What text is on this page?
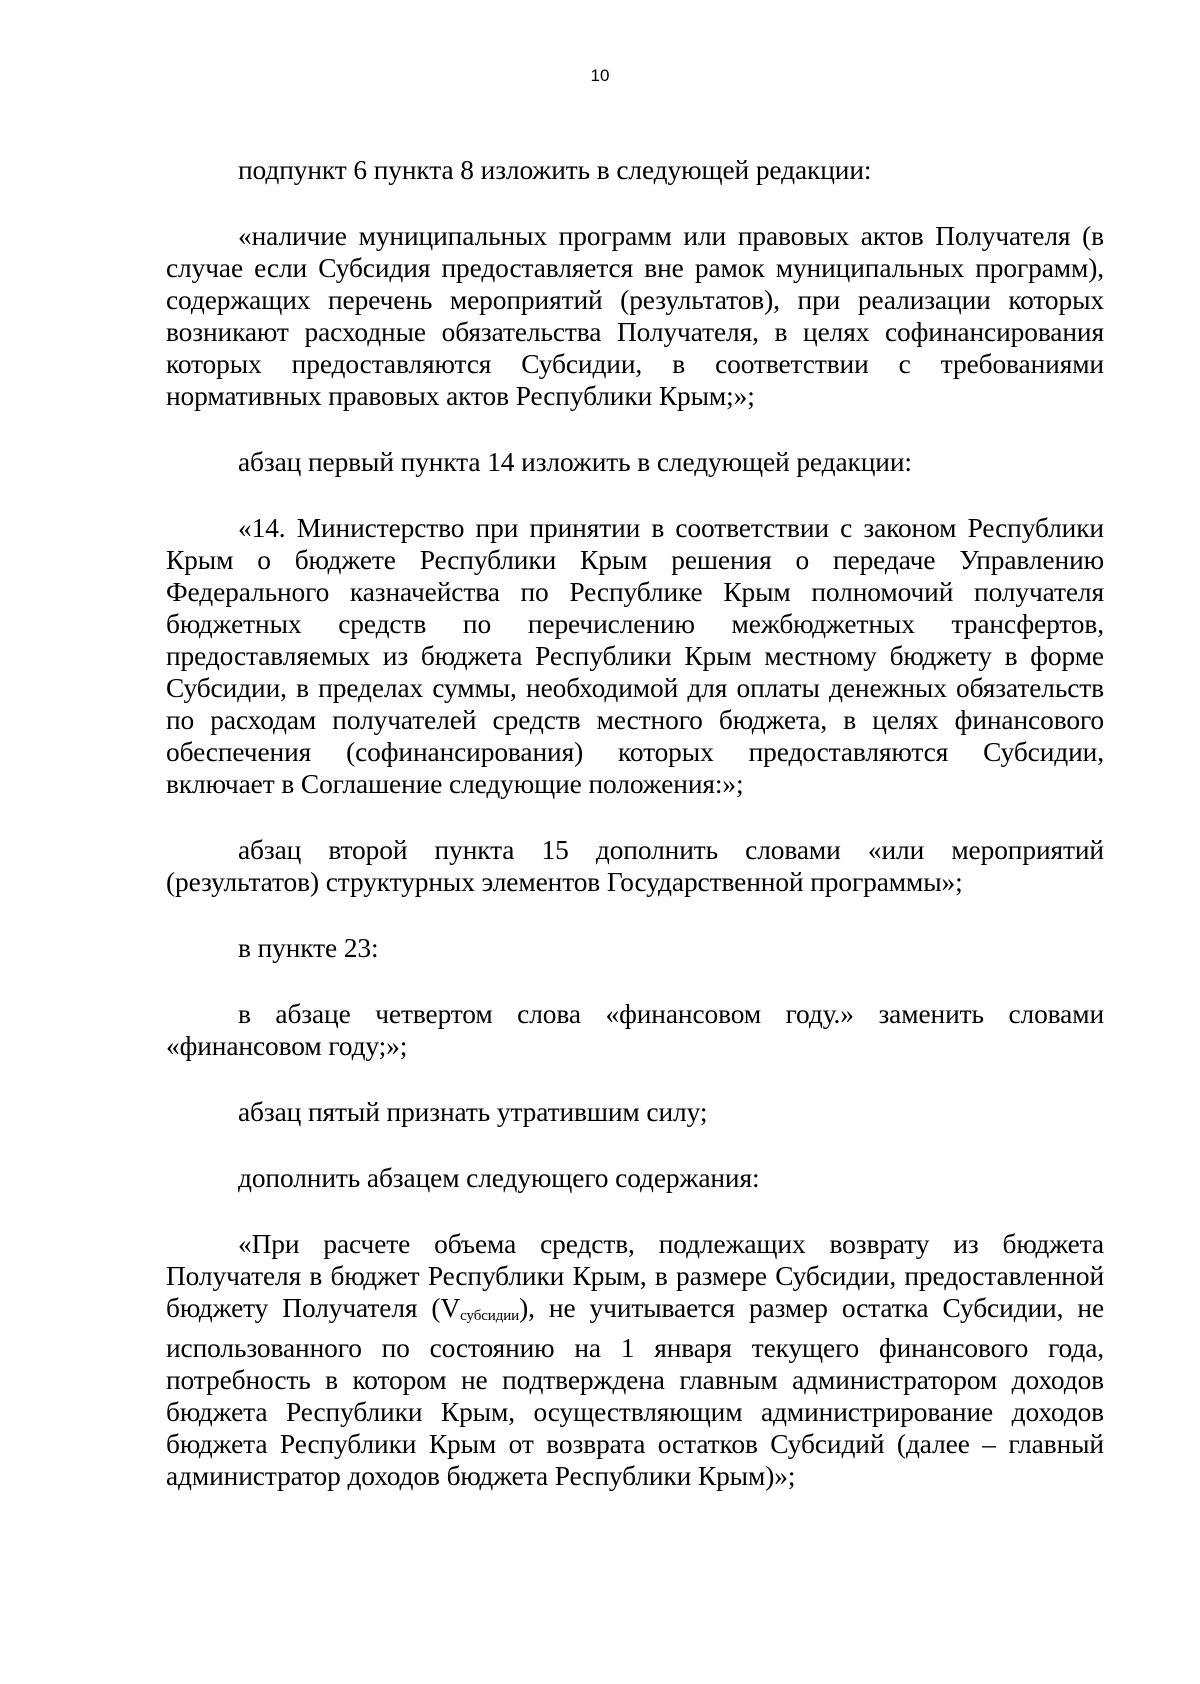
10

подпункт 6 пункта 8 изложить в следующей редакции:

«наличие муниципальных программ или правовых актов Получателя (в случае если Субсидия предоставляется вне рамок муниципальных программ), содержащих перечень мероприятий (результатов), при реализации которых возникают расходные обязательства Получателя, в целях софинансирования которых предоставляются Субсидии, в соответствии с требованиями нормативных правовых актов Республики Крым;»;

абзац первый пункта 14 изложить в следующей редакции:

«14. Министерство при принятии в соответствии с законом Республики Крым о бюджете Республики Крым решения о передаче Управлению Федерального казначейства по Республике Крым полномочий получателя бюджетных средств по перечислению межбюджетных трансфертов, предоставляемых из бюджета Республики Крым местному бюджету в форме Субсидии, в пределах суммы, необходимой для оплаты денежных обязательств по расходам получателей средств местного бюджета, в целях финансового обеспечения (софинансирования) которых предоставляются Субсидии, включает в Соглашение следующие положения:»;

абзац второй пункта 15 дополнить словами «или мероприятий (результатов) структурных элементов Государственной программы»;

в пункте 23:

в абзаце четвертом слова «финансовом году.» заменить словами «финансовом году;»;

абзац пятый признать утратившим силу;

дополнить абзацем следующего содержания:

«При расчете объема средств, подлежащих возврату из бюджета Получателя в бюджет Республики Крым, в размере Субсидии, предоставленной бюджету Получателя $(V_{субсидии})$, не учитывается размер остатка Субсидии, не использованного по состоянию на 1 января текущего финансового года, потребность в котором не подтверждена главным администратором доходов бюджета Республики Крым, осуществляющим администрирование доходов бюджета Республики Крым от возврата остатков Субсидий (далее – главный администратор доходов бюджета Республики Крым)»;
